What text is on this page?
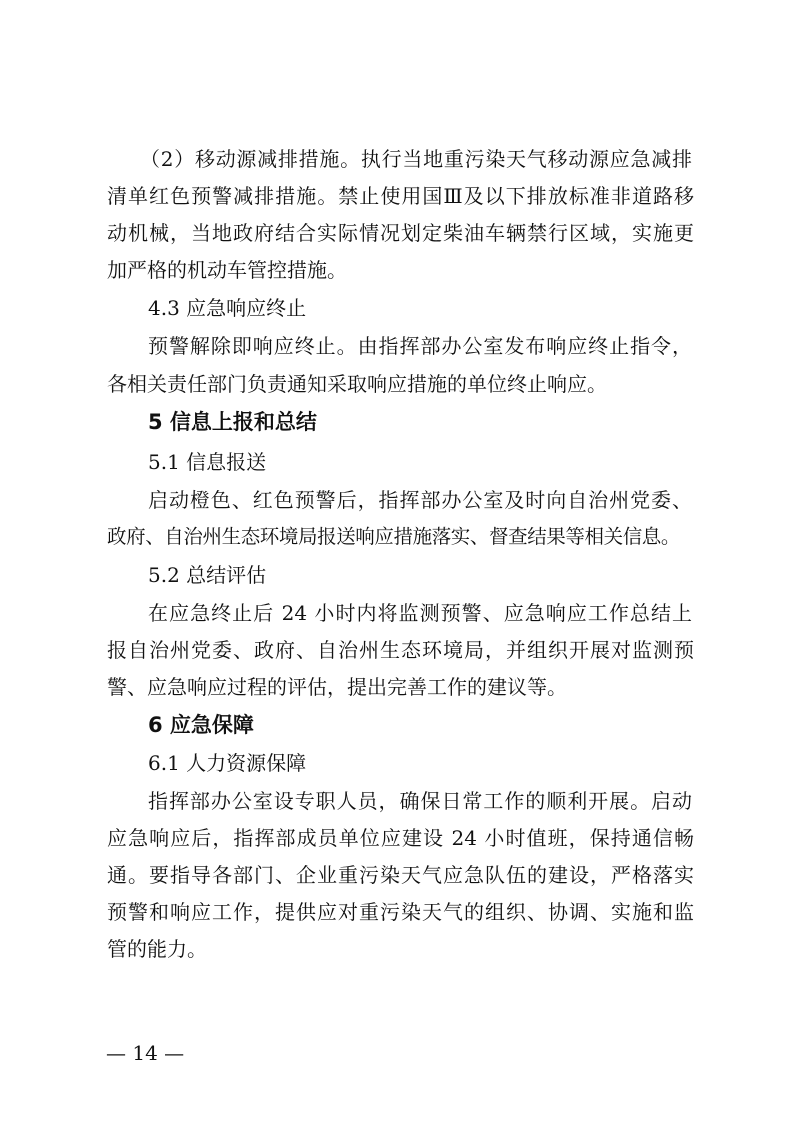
（2）移动源减排措施。执行当地重污染天气移动源应急减排
清单红色预警减排措施。禁止使用国Ⅲ及以下排放标准非道路移
动机械，当地政府结合实际情况划定柴油车辆禁行区域，实施更
加严格的机动车管控措施。
4.3 应急响应终止
预警解除即响应终止。由指挥部办公室发布响应终止指令，
各相关责任部门负责通知采取响应措施的单位终止响应。
5 信息上报和总结
5.1 信息报送
启动橙色、红色预警后，指挥部办公室及时向自治州党委、
政府、自治州生态环境局报送响应措施落实、督查结果等相关信息。
5.2 总结评估
在应急终止后 24 小时内将监测预警、应急响应工作总结上
报自治州党委、政府、自治州生态环境局，并组织开展对监测预
警、应急响应过程的评估，提出完善工作的建议等。
6 应急保障
6.1 人力资源保障
指挥部办公室设专职人员，确保日常工作的顺利开展。启动
应急响应后，指挥部成员单位应建设 24 小时值班，保持通信畅
通。要指导各部门、企业重污染天气应急队伍的建设，严格落实
预警和响应工作，提供应对重污染天气的组织、协调、实施和监
管的能力。
— 14 —
